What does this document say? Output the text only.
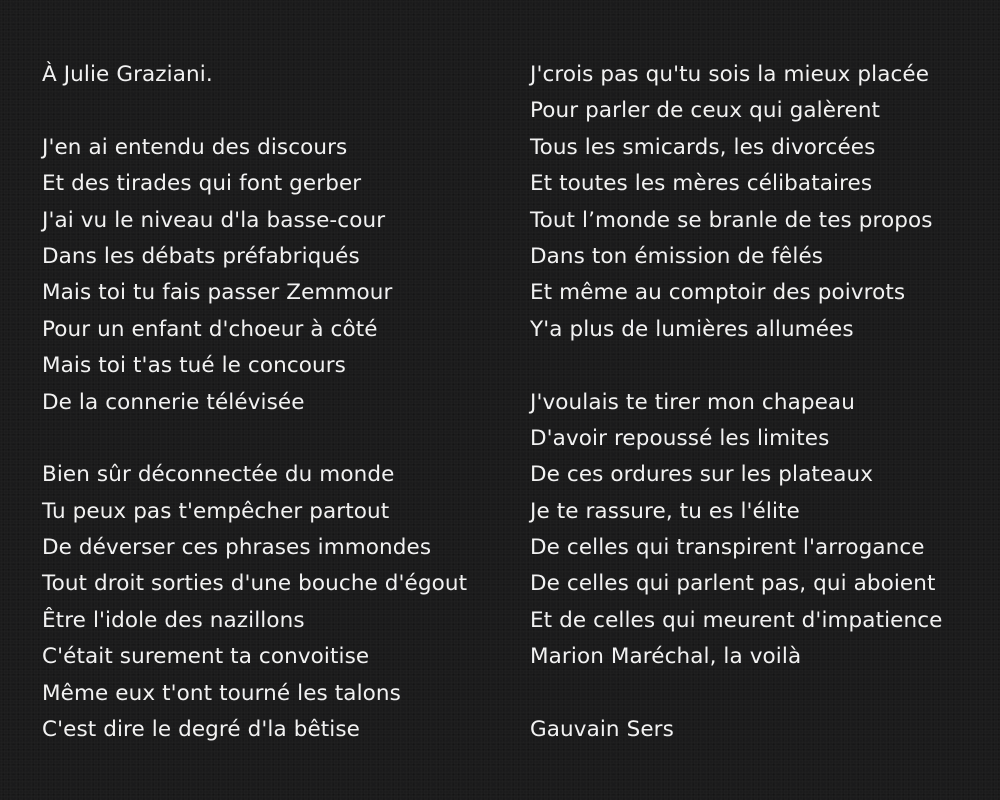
À Julie Graziani.
J'en ai entendu des discours
Et des tirades qui font gerber
J'ai vu le niveau d'la basse-cour
Dans les débats préfabriqués
Mais toi tu fais passer Zemmour
Pour un enfant d'choeur à côté
Mais toi t'as tué le concours
De la connerie télévisée
Bien sûr déconnectée du monde
Tu peux pas t'empêcher partout
De déverser ces phrases immondes
Tout droit sorties d'une bouche d'égout
Être l'idole des nazillons
C'était surement ta convoitise
Même eux t'ont tourné les talons
C'est dire le degré d'la bêtise
J'crois pas qu'tu sois la mieux placée
Pour parler de ceux qui galèrent
Tous les smicards, les divorcées
Et toutes les mères célibataires
Tout l’monde se branle de tes propos
Dans ton émission de fêlés
Et même au comptoir des poivrots
Y'a plus de lumières allumées
J'voulais te tirer mon chapeau
D'avoir repoussé les limites
De ces ordures sur les plateaux
Je te rassure, tu es l'élite
De celles qui transpirent l'arrogance
De celles qui parlent pas, qui aboient
Et de celles qui meurent d'impatience
Marion Maréchal, la voilà
Gauvain Sers
